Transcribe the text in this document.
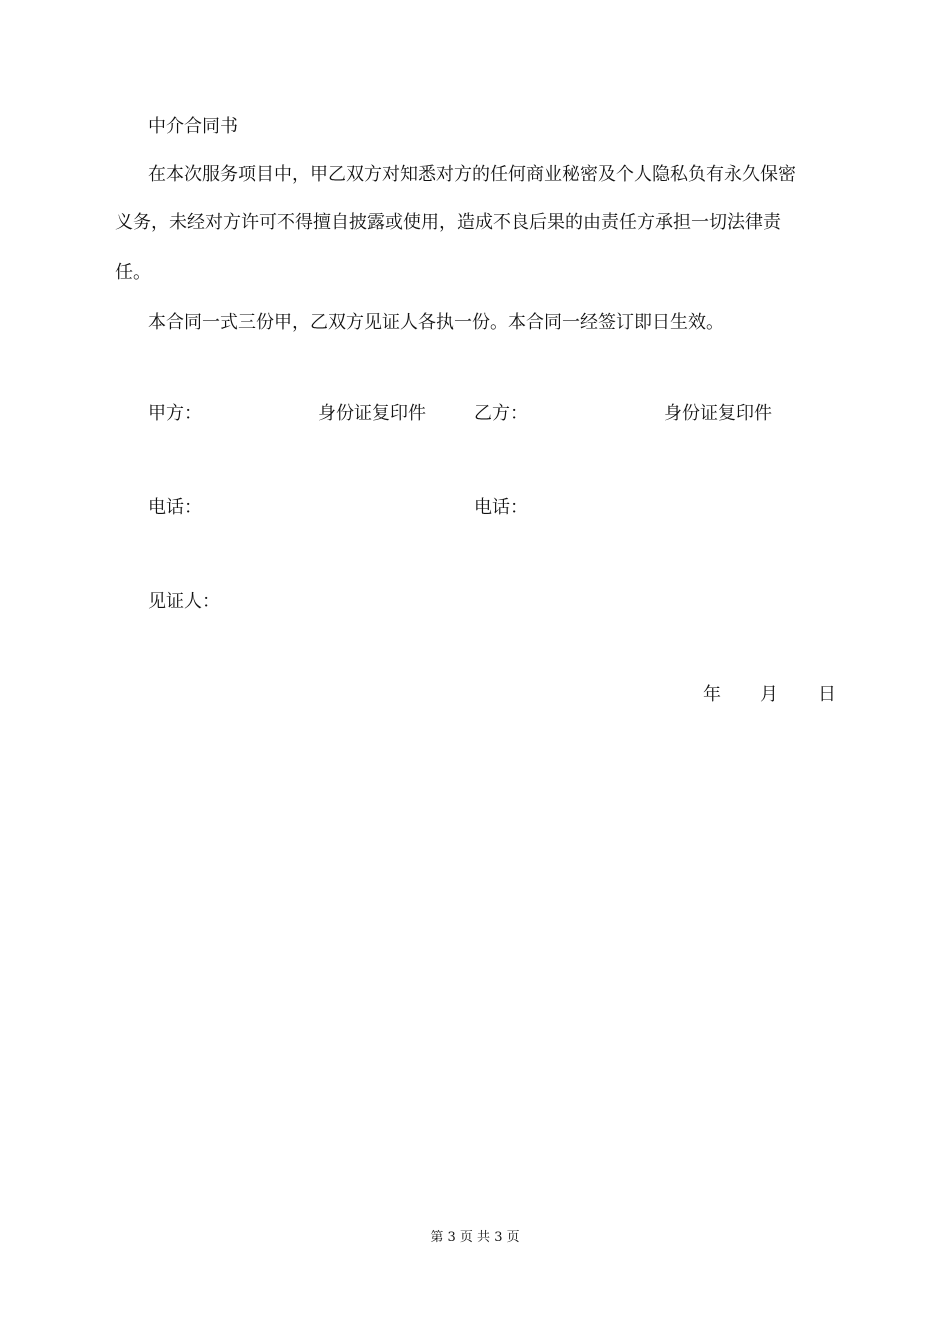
中介合同书
在本次服务项目中，甲乙双方对知悉对方的任何商业秘密及个人隐私负有永久保密
义务，未经对方许可不得擅自披露或使用，造成不良后果的由责任方承担一切法律责
任。
本合同一式三份甲，乙双方见证人各执一份。本合同一经签订即日生效。
甲方：	身份证复印件	乙方：	身份证复印件
电话：	电话：
见证人：
年 月 日
第 3 页 共 3 页
